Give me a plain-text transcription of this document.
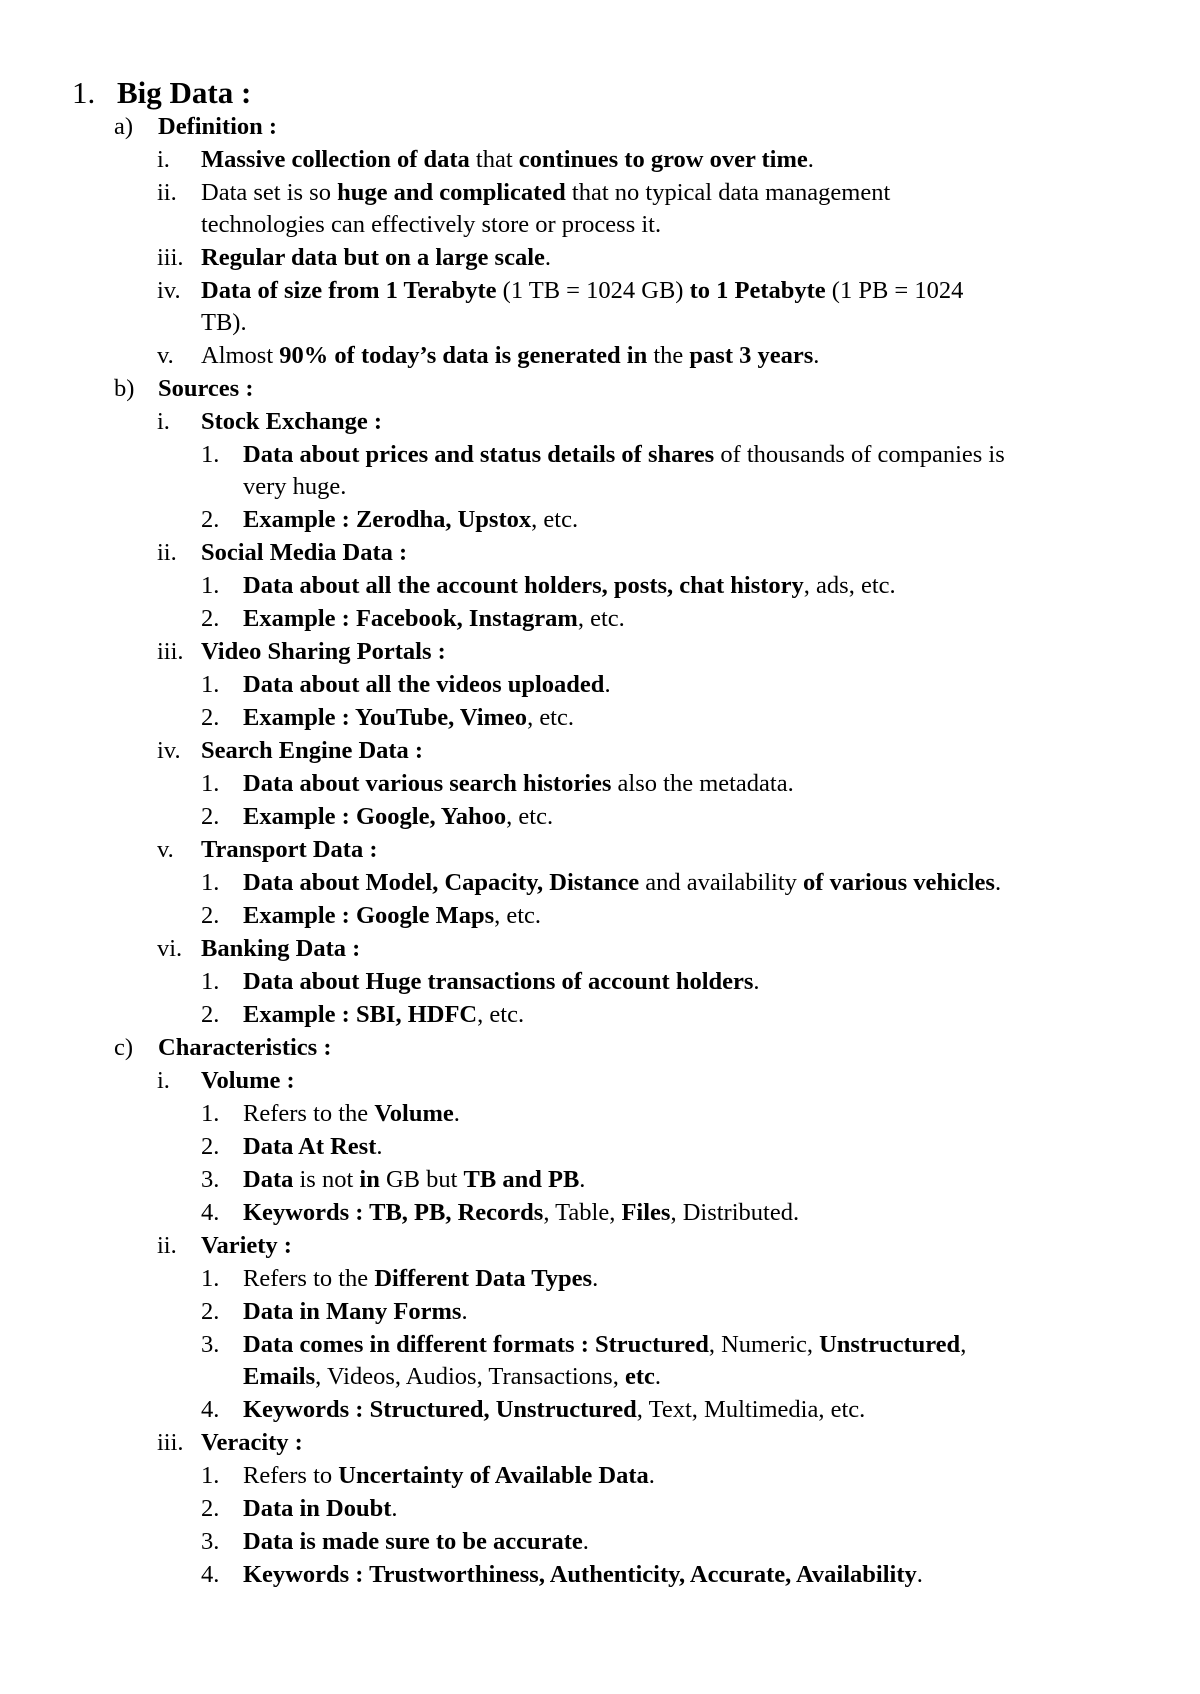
1. Big Data :
a) Definition :
i. Massive collection of data that continues to grow over time.
ii. Data set is so huge and complicated that no typical data management
technologies can effectively store or process it.
iii. Regular data but on a large scale.
iv. Data of size from 1 Terabyte (1 TB = 1024 GB) to 1 Petabyte (1 PB = 1024
TB).
v. Almost 90% of today’s data is generated in the past 3 years.
b) Sources :
i. Stock Exchange :
1. Data about prices and status details of shares of thousands of companies is
very huge.
2. Example : Zerodha, Upstox, etc.
ii. Social Media Data :
1. Data about all the account holders, posts, chat history, ads, etc.
2. Example : Facebook, Instagram, etc.
iii. Video Sharing Portals :
1. Data about all the videos uploaded.
2. Example : YouTube, Vimeo, etc.
iv. Search Engine Data :
1. Data about various search histories also the metadata.
2. Example : Google, Yahoo, etc.
v. Transport Data :
1. Data about Model, Capacity, Distance and availability of various vehicles.
2. Example : Google Maps, etc.
vi. Banking Data :
1. Data about Huge transactions of account holders.
2. Example : SBI, HDFC, etc.
c) Characteristics :
i. Volume :
1. Refers to the Volume.
2. Data At Rest.
3. Data is not in GB but TB and PB.
4. Keywords : TB, PB, Records, Table, Files, Distributed.
ii. Variety :
1. Refers to the Different Data Types.
2. Data in Many Forms.
3. Data comes in different formats : Structured, Numeric, Unstructured,
Emails, Videos, Audios, Transactions, etc.
4. Keywords : Structured, Unstructured, Text, Multimedia, etc.
iii. Veracity :
1. Refers to Uncertainty of Available Data.
2. Data in Doubt.
3. Data is made sure to be accurate.
4. Keywords : Trustworthiness, Authenticity, Accurate, Availability.
